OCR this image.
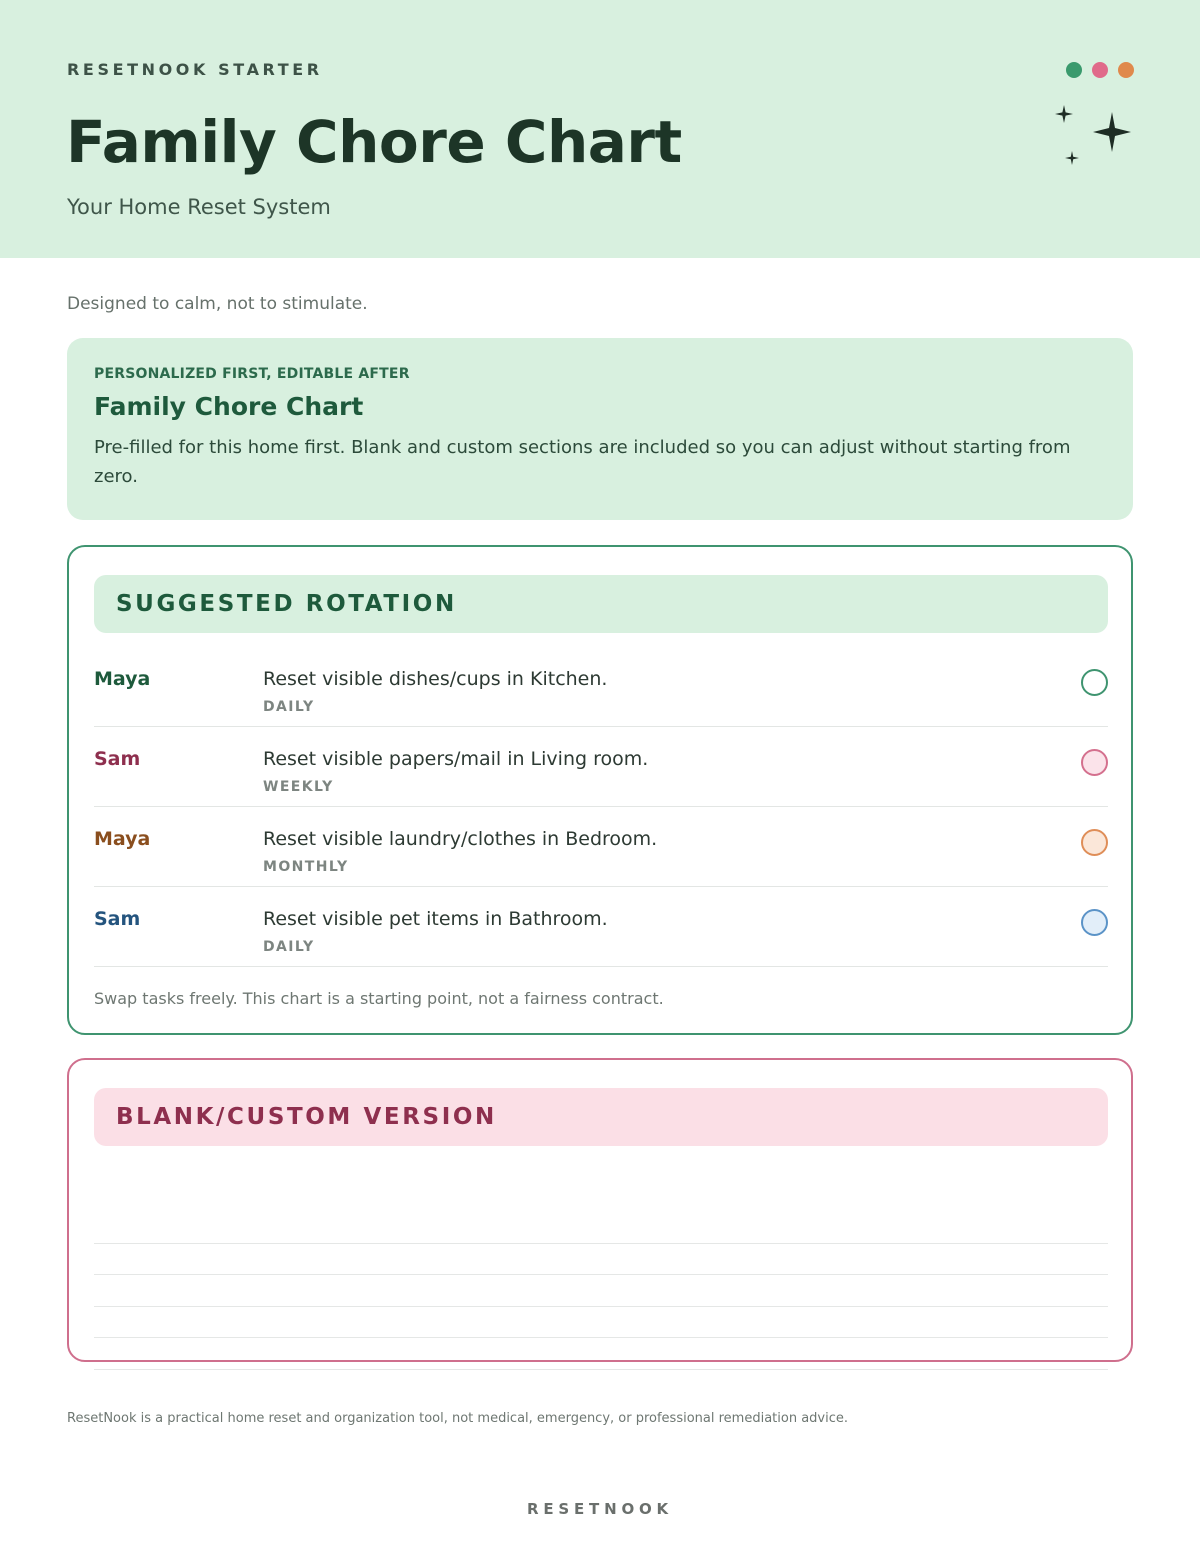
RESETNOOK STARTER
Family Chore Chart
Your Home Reset System
Designed to calm, not to stimulate.
PERSONALIZED FIRST, EDITABLE AFTER
Family Chore Chart
Pre-filled for this home first. Blank and custom sections are included so you can adjust without starting from zero.
SUGGESTED ROTATION
Maya	Reset visible dishes/cups in Kitchen.
DAILY
Sam	Reset visible papers/mail in Living room.
WEEKLY
Maya	Reset visible laundry/clothes in Bedroom.
MONTHLY
Sam	Reset visible pet items in Bathroom.
DAILY
Swap tasks freely. This chart is a starting point, not a fairness contract.
BLANK/CUSTOM VERSION
ResetNook is a practical home reset and organization tool, not medical, emergency, or professional remediation advice.
RESETNOOK
